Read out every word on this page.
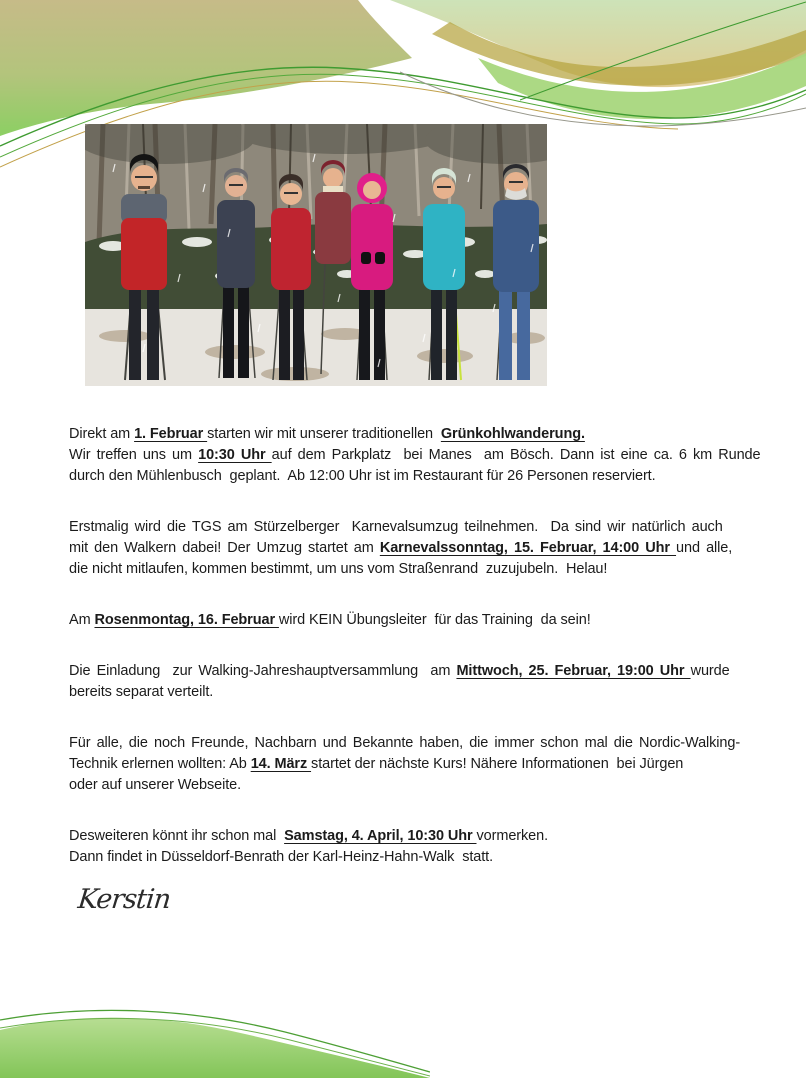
Direkt am 1. Februar starten wir mit unserer traditionellen  Grünkohlwanderung.
Wir treffen uns um 10:30 Uhr auf dem Parkplatz  bei Manes  am Bösch. Dann ist eine ca. 6 km Runde
durch den Mühlenbusch  geplant.  Ab 12:00 Uhr ist im Restaurant für 26 Personen reserviert.
Erstmalig wird die TGS am Stürzelberger  Karnevalsumzug teilnehmen.  Da sind wir natürlich auch
mit den Walkern dabei! Der Umzug startet am Karnevalssonntag, 15. Februar, 14:00 Uhr und alle,
die nicht mitlaufen, kommen bestimmt, um uns vom Straßenrand  zuzujubeln.  Helau!
Am Rosenmontag, 16. Februar wird KEIN Übungsleiter  für das Training  da sein!
Die Einladung  zur Walking-Jahreshauptversammlung  am Mittwoch, 25. Februar, 19:00 Uhr wurde
bereits separat verteilt.
Für alle, die noch Freunde, Nachbarn und Bekannte haben, die immer schon mal die Nordic-Walking-
Technik erlernen wollten: Ab 14. März startet der nächste Kurs! Nähere Informationen  bei Jürgen
oder auf unserer Webseite.
Desweiteren könnt ihr schon mal  Samstag, 4. April, 10:30 Uhr vormerken.
Dann findet in Düsseldorf-Benrath der Karl-Heinz-Hahn-Walk  statt.
Kerstin
